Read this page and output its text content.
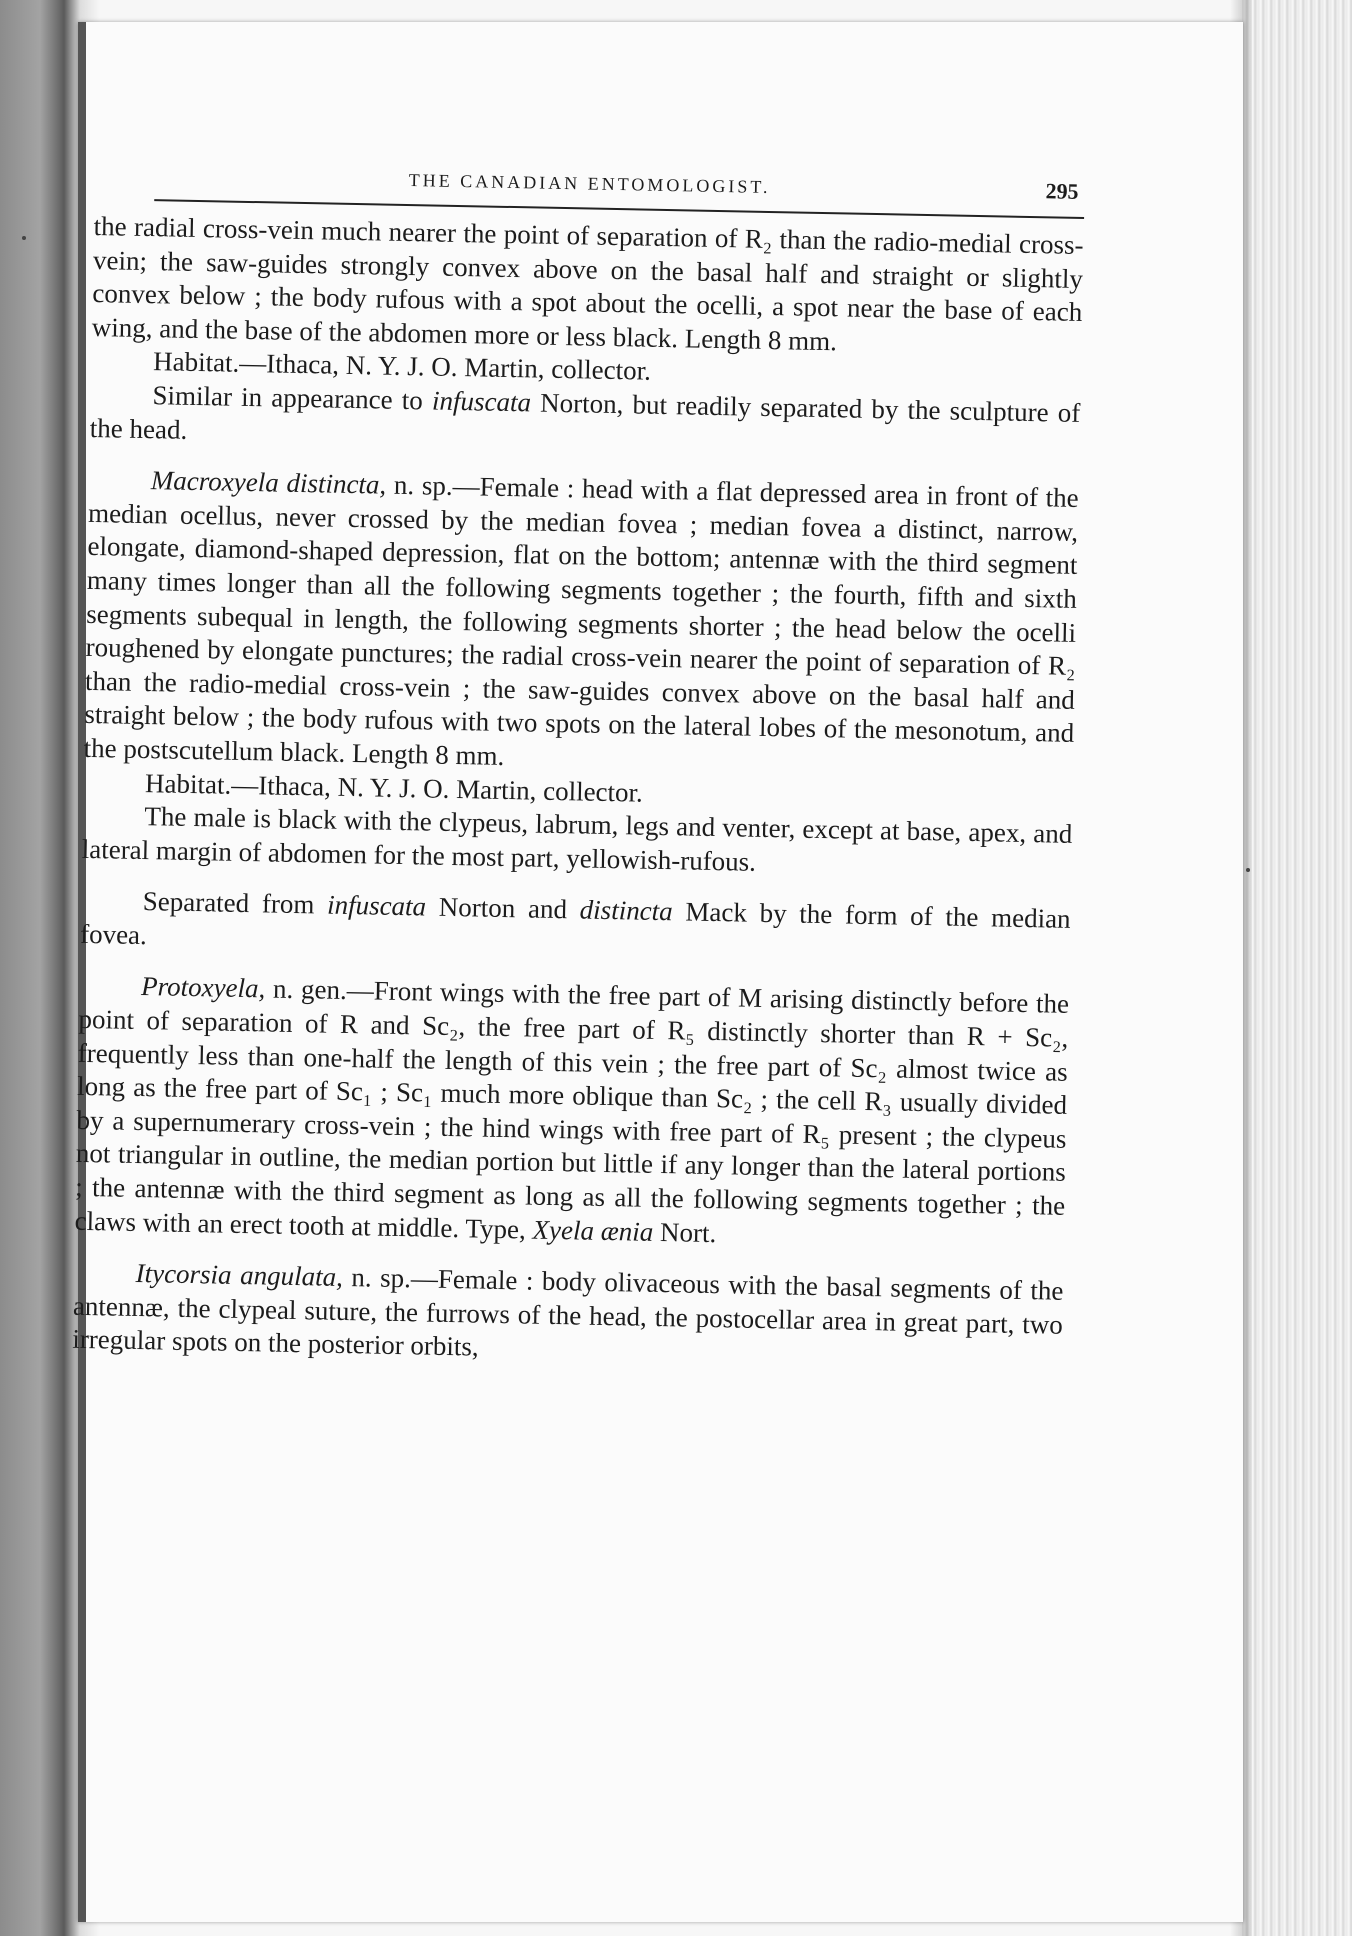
THE CANADIAN ENTOMOLOGIST.	295

the radial cross-vein much nearer the point of separation of R₂ than the radio-medial cross-vein; the saw-guides strongly convex above on the basal half and straight or slightly convex below ; the body rufous with a spot about the ocelli, a spot near the base of each wing, and the base of the abdomen more or less black. Length 8 mm.

Habitat.—Ithaca, N. Y. J. O. Martin, collector.

Similar in appearance to infuscata Norton, but readily separated by the sculpture of the head.

Macroxyela distincta, n. sp.—Female : head with a flat depressed area in front of the median ocellus, never crossed by the median fovea ; median fovea a distinct, narrow, elongate, diamond-shaped depression, flat on the bottom; antennæ with the third segment many times longer than all the following segments together ; the fourth, fifth and sixth segments subequal in length, the following segments shorter ; the head below the ocelli roughened by elongate punctures; the radial cross-vein nearer the point of separation of R₂ than the radio-medial cross-vein ; the saw-guides convex above on the basal half and straight below ; the body rufous with two spots on the lateral lobes of the mesonotum, and the postscutellum black. Length 8 mm.

Habitat.—Ithaca, N. Y. J. O. Martin, collector.

The male is black with the clypeus, labrum, legs and venter, except at base, apex, and lateral margin of abdomen for the most part, yellowish-rufous.

Separated from infuscata Norton and distincta Mack by the form of the median fovea.

Protoxyela, n. gen.—Front wings with the free part of M arising distinctly before the point of separation of R and Sc₂, the free part of R₅ distinctly shorter than R + Sc₂, frequently less than one-half the length of this vein ; the free part of Sc₂ almost twice as long as the free part of Sc₁ ; Sc₁ much more oblique than Sc₂ ; the cell R₃ usually divided by a supernumerary cross-vein ; the hind wings with free part of R₅ present ; the clypeus not triangular in outline, the median portion but little if any longer than the lateral portions ; the antennæ with the third segment as long as all the following segments together ; the claws with an erect tooth at middle. Type, Xyela ænia Nort.

Itycorsia angulata, n. sp.—Female : body olivaceous with the basal segments of the antennæ, the clypeal suture, the furrows of the head, the postocellar area in great part, two irregular spots on the posterior orbits,
